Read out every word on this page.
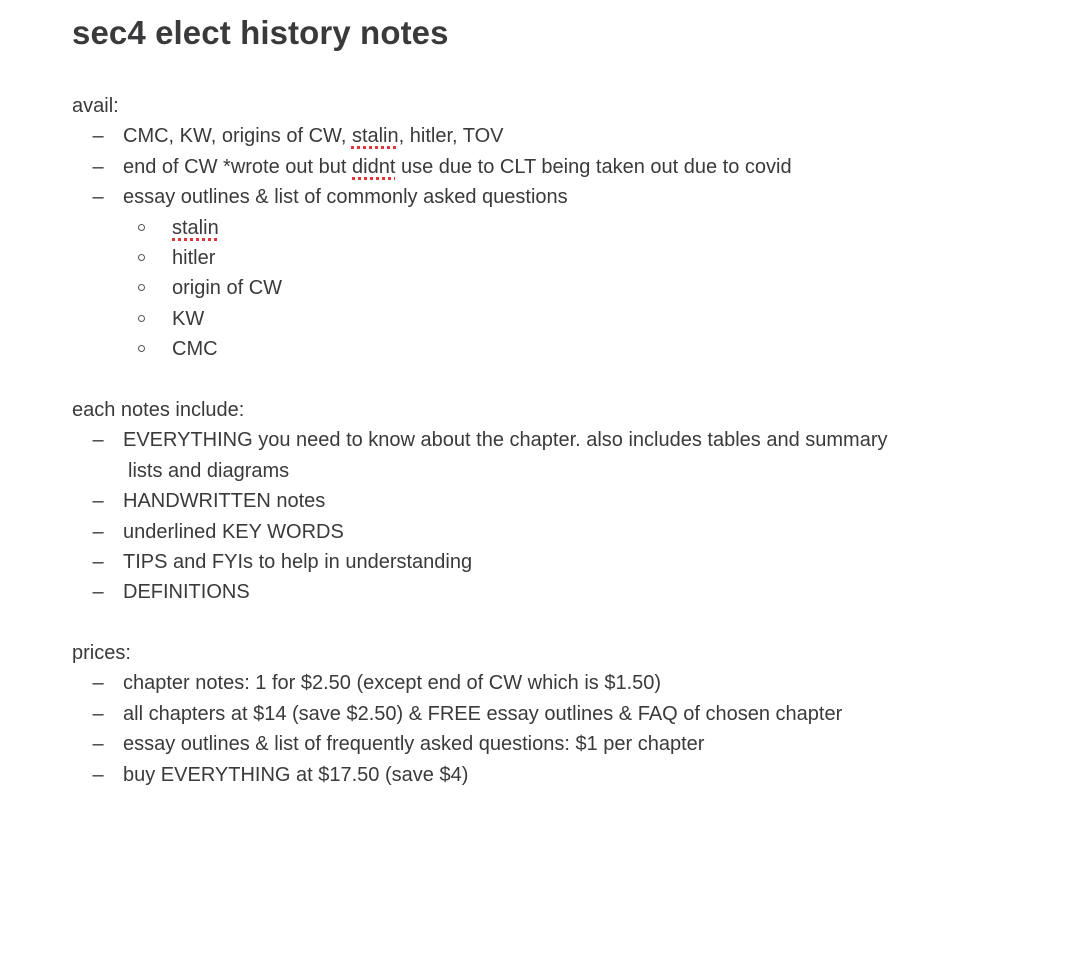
sec4 elect history notes
avail:
– CMC, KW, origins of CW, stalin, hitler, TOV
– end of CW *wrote out but didnt use due to CLT being taken out due to covid
– essay outlines & list of commonly asked questions
stalin
hitler
origin of CW
KW
CMC
each notes include:
– EVERYTHING you need to know about the chapter. also includes tables and summary
lists and diagrams
– HANDWRITTEN notes
– underlined KEY WORDS
– TIPS and FYIs to help in understanding
– DEFINITIONS
prices:
– chapter notes: 1 for $2.50 (except end of CW which is $1.50)
– all chapters at $14 (save $2.50) & FREE essay outlines & FAQ of chosen chapter
– essay outlines & list of frequently asked questions: $1 per chapter
– buy EVERYTHING at $17.50 (save $4)
